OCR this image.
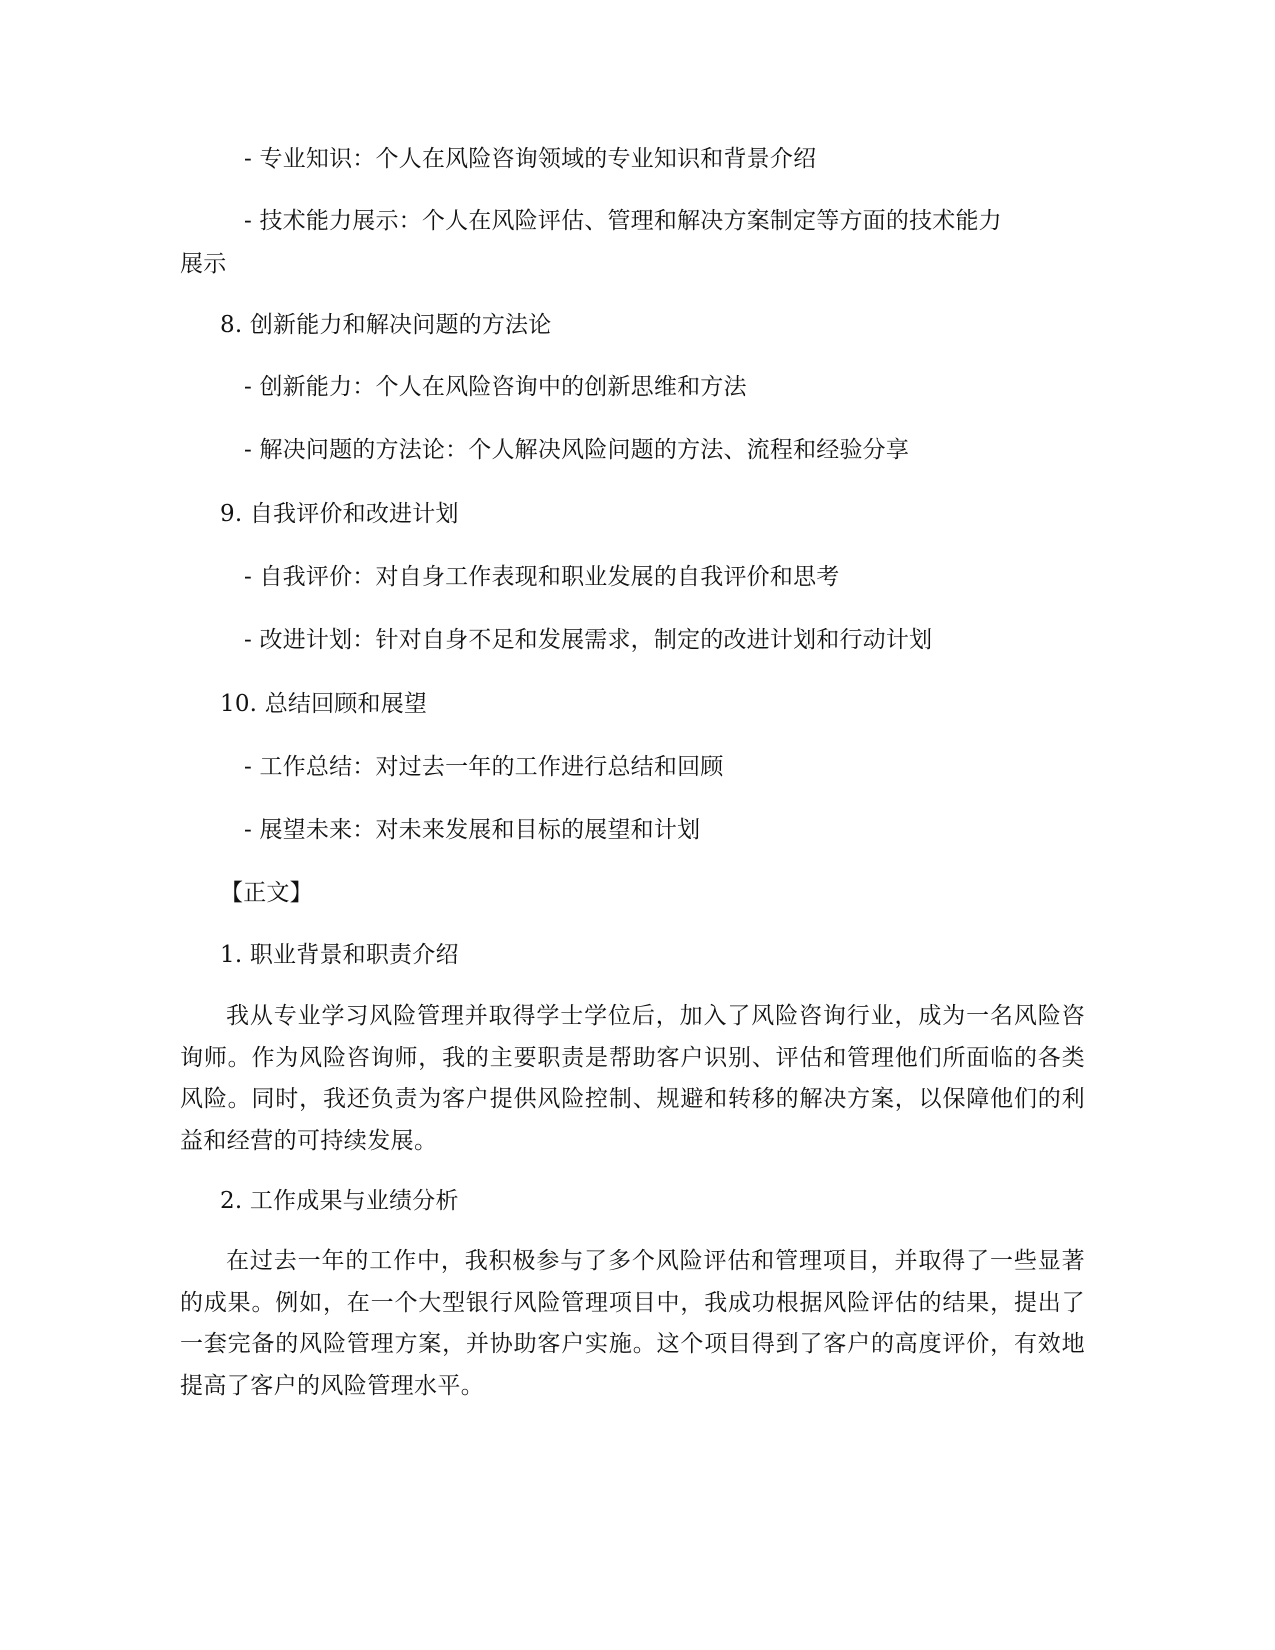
- 专业知识：个人在风险咨询领域的专业知识和背景介绍
- 技术能力展示：个人在风险评估、管理和解决方案制定等方面的技术能力
展示
8. 创新能力和解决问题的方法论
- 创新能力：个人在风险咨询中的创新思维和方法
- 解决问题的方法论：个人解决风险问题的方法、流程和经验分享
9. 自我评价和改进计划
- 自我评价：对自身工作表现和职业发展的自我评价和思考
- 改进计划：针对自身不足和发展需求，制定的改进计划和行动计划
10. 总结回顾和展望
- 工作总结：对过去一年的工作进行总结和回顾
- 展望未来：对未来发展和目标的展望和计划
【正文】
1. 职业背景和职责介绍
我从专业学习风险管理并取得学士学位后，加入了风险咨询行业，成为一名风险咨询师。作为风险咨询师，我的主要职责是帮助客户识别、评估和管理他们所面临的各类风险。同时，我还负责为客户提供风险控制、规避和转移的解决方案，以保障他们的利益和经营的可持续发展。
2. 工作成果与业绩分析
在过去一年的工作中，我积极参与了多个风险评估和管理项目，并取得了一些显著的成果。例如，在一个大型银行风险管理项目中，我成功根据风险评估的结果，提出了一套完备的风险管理方案，并协助客户实施。这个项目得到了客户的高度评价，有效地提高了客户的风险管理水平。
